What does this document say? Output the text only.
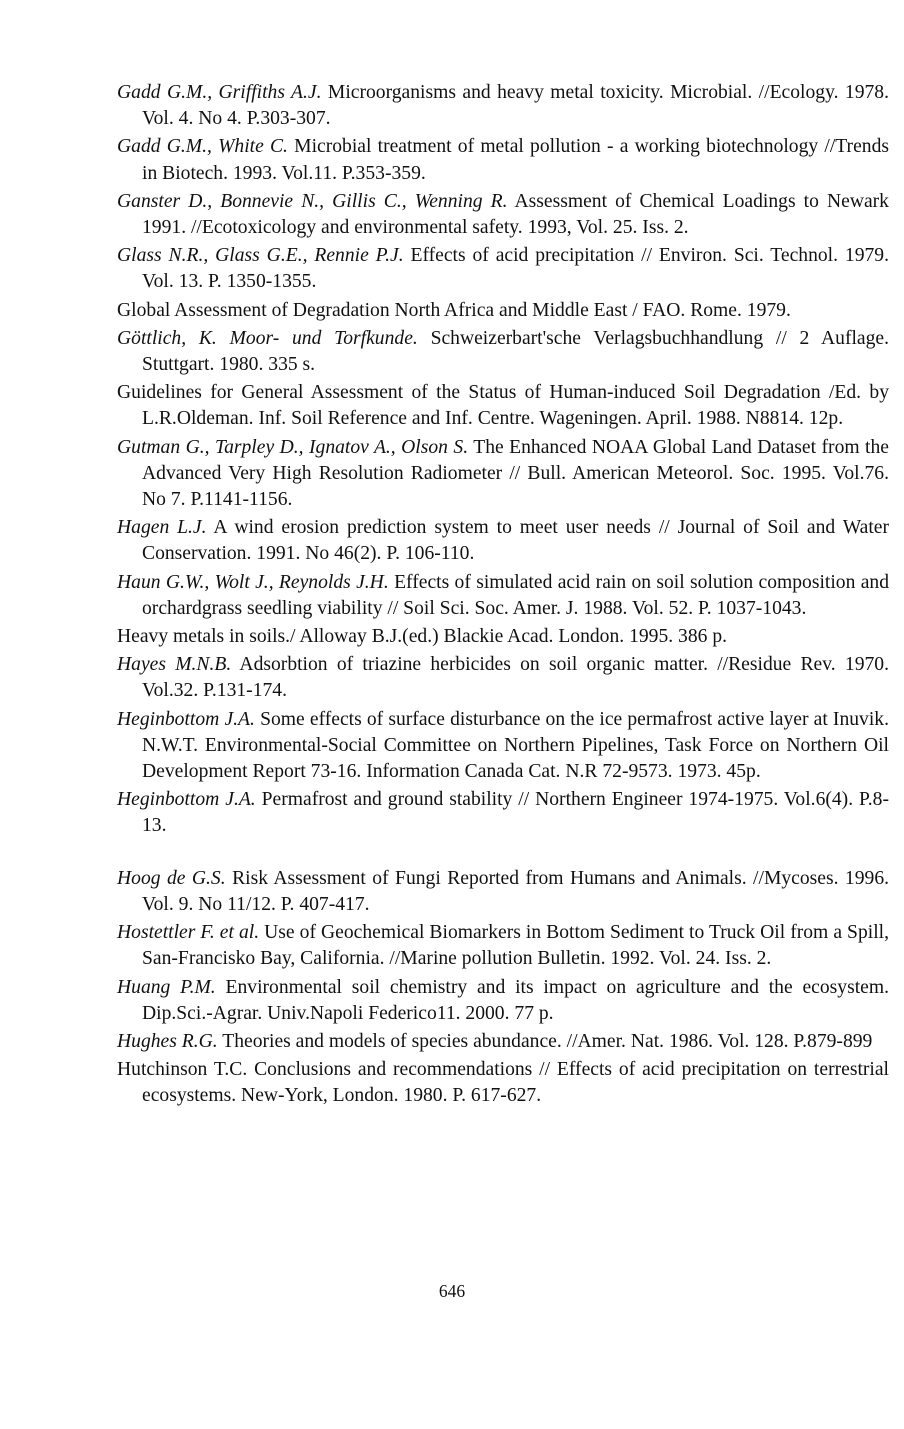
Gadd G.M., Griffiths A.J. Microorganisms and heavy metal toxicity. Microbial. //Ecology. 1978. Vol. 4. No 4. P.303-307.

Gadd G.M., White C. Microbial treatment of metal pollution - a working biotechnology //Trends in Biotech. 1993. Vol.11. P.353-359.

Ganster D., Bonnevie N., Gillis C., Wenning R. Assessment of Chemical Loadings to Newark 1991. //Ecotoxicology and environmental safety. 1993, Vol. 25. Iss. 2.

Glass N.R., Glass G.E., Rennie P.J. Effects of acid precipitation // Environ. Sci. Technol. 1979. Vol. 13. P. 1350-1355.

Global Assessment of Degradation North Africa and Middle East / FAO. Rome. 1979.

Göttlich, K. Moor- und Torfkunde. Schweizerbart'sche Verlagsbuchhandlung // 2 Auflage. Stuttgart. 1980. 335 s.

Guidelines for General Assessment of the Status of Human-induced Soil Degradation /Ed. by L.R.Oldeman. Inf. Soil Reference and Inf. Centre. Wageningen. April. 1988. N8814. 12p.

Gutman G., Tarpley D., Ignatov A., Olson S. The Enhanced NOAA Global Land Dataset from the Advanced Very High Resolution Radiometer // Bull. American Meteorol. Soc. 1995. Vol.76. No 7. P.1141-1156.

Hagen L.J. A wind erosion prediction system to meet user needs // Journal of Soil and Water Conservation. 1991. No 46(2). P. 106-110.

Haun G.W., Wolt J., Reynolds J.H. Effects of simulated acid rain on soil solution composition and orchardgrass seedling viability // Soil Sci. Soc. Amer. J. 1988. Vol. 52. P. 1037-1043.

Heavy metals in soils./ Alloway B.J.(ed.) Blackie Acad. London. 1995. 386 p.

Hayes M.N.B. Adsorbtion of triazine herbicides on soil organic matter. //Residue Rev. 1970. Vol.32. P.131-174.

Heginbottom J.A. Some effects of surface disturbance on the ice permafrost active layer at Inuvik. N.W.T. Environmental-Social Committee on Northern Pipelines, Task Force on Northern Oil Development Report 73-16. Information Canada Cat. N.R 72-9573. 1973. 45p.

Heginbottom J.A. Permafrost and ground stability // Northern Engineer 1974-1975. Vol.6(4). P.8-13.

Hoog de G.S. Risk Assessment of Fungi Reported from Humans and Animals. //Mycoses. 1996. Vol. 9. No 11/12. P. 407-417.

Hostettler F. et al. Use of Geochemical Biomarkers in Bottom Sediment to Truck Oil from a Spill, San-Francisko Bay, California. //Marine pollution Bulletin. 1992. Vol. 24. Iss. 2.

Huang P.M. Environmental soil chemistry and its impact on agriculture and the ecosystem. Dip.Sci.-Agrar. Univ.Napoli Federico11. 2000. 77 p.

Hughes R.G. Theories and models of species abundance. //Amer. Nat. 1986. Vol. 128. P.879-899

Hutchinson T.C. Conclusions and recommendations // Effects of acid precipitation on terrestrial ecosystems. New-York, London. 1980. P. 617-627.

646
